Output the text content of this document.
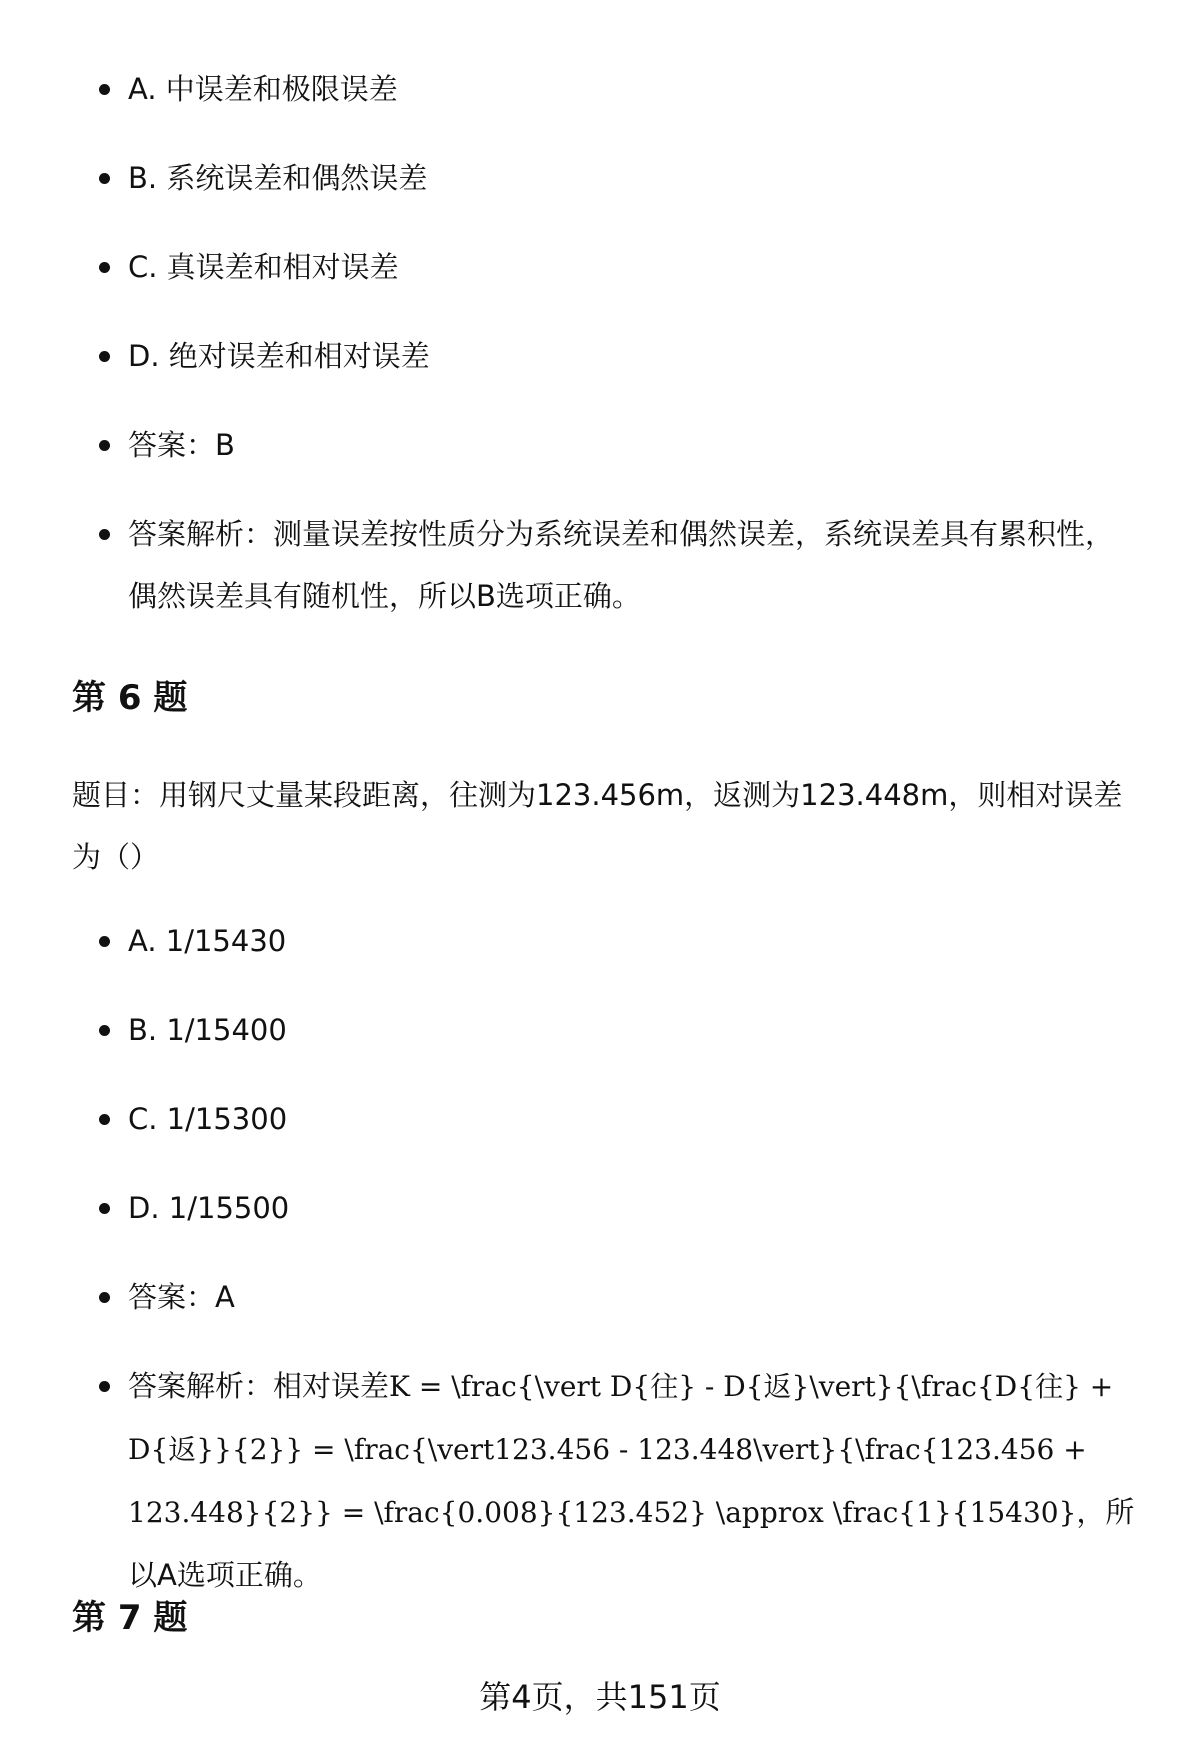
A. 中误差和极限误差
B. 系统误差和偶然误差
C. 真误差和相对误差
D. 绝对误差和相对误差
答案：B
答案解析：测量误差按性质分为系统误差和偶然误差，系统误差具有累积性，偶然误差具有随机性，所以B选项正确。
第 6 题
题目：用钢尺丈量某段距离，往测为123.456m，返测为123.448m，则相对误差为（）
A. 1/15430
B. 1/15400
C. 1/15300
D. 1/15500
答案：A
答案解析：相对误差K = \frac{\vert D{往} - D{返}\vert}{\frac{D{往} + D{返}}{2}} = \frac{\vert123.456 - 123.448\vert}{\frac{123.456 + 123.448}{2}} = \frac{0.008}{123.452} \approx \frac{1}{15430}，所以A选项正确。
第 7 题
第4页，共151页
